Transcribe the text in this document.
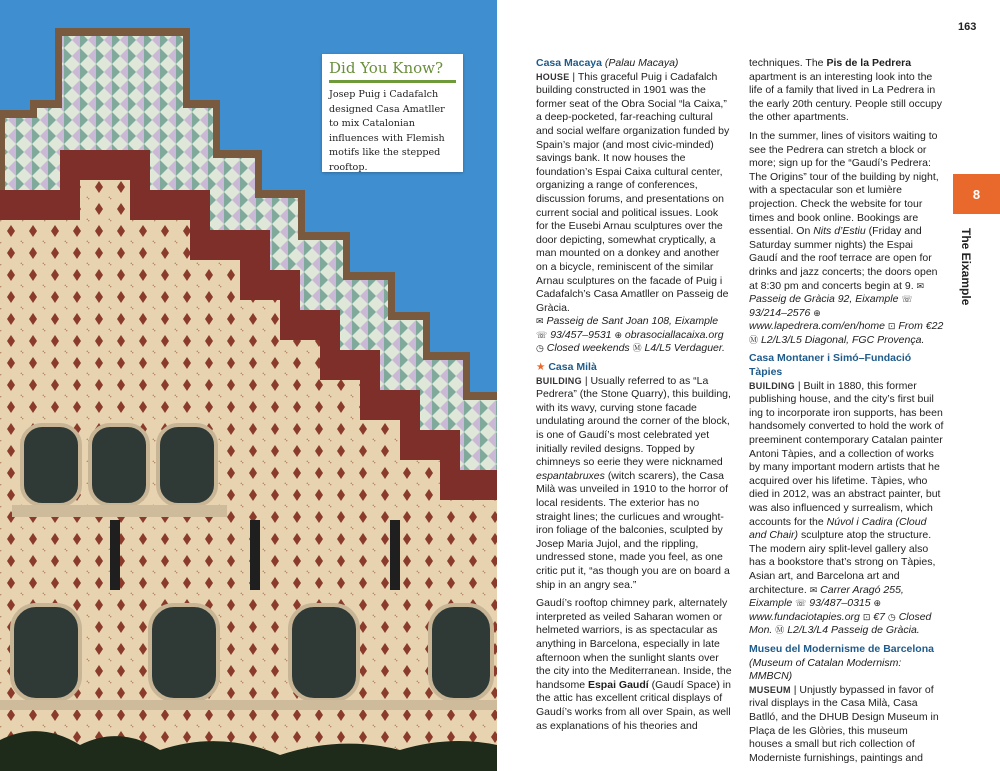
Did You Know?
Josep Puig i Cadafalch designed Casa Amatller to mix Catalonian influences with Flemish motifs like the stepped rooftop.
163
8
The Eixample

Casa Macaya (Palau Macaya)
HOUSE | This graceful Puig i Cadafalch building constructed in 1901 was the former seat of the Obra Social “la Caixa,” a deep-pocketed, far-reaching cultural and social welfare organization funded by Spain’s major (and most civic-minded) savings bank. It now houses the foundation’s Espai Caixa cultural center, organizing a range of conferences, discussion forums, and presentations on current social and political issues. Look for the Eusebi Arnau sculptures over the door depicting, somewhat cryptically, a man mounted on a donkey and another on a bicycle, reminiscent of the similar Arnau sculptures on the facade of Puig i Cadafalch’s Casa Amatller on Passeig de Gràcia.
✉ Passeig de Sant Joan 108, Eixample
☏ 93/457–9531 ⊕ obrasociallacaixa.org
◷ Closed weekends Ⓜ L4/L5 Verdaguer.

★ Casa Milà
BUILDING | Usually referred to as “La Pedrera” (the Stone Quarry), this building, with its wavy, curving stone facade undulating around the corner of the block, is one of Gaudí’s most celebrated yet initially reviled designs. Topped by chimneys so eerie they were nicknamed espantabruxes (witch scarers), the Casa Milà was unveiled in 1910 to the horror of local residents. The exterior has no straight lines; the curlicues and wrought-iron foliage of the balconies, sculpted by Josep Maria Jujol, and the rippling, undressed stone, made you feel, as one critic put it, “as though you are on board a ship in an angry sea.”

Gaudí’s rooftop chimney park, alternately interpreted as veiled Saharan women or helmeted warriors, is as spectacular as anything in Barcelona, especially in late afternoon when the sunlight slants over the city into the Mediterranean. Inside, the handsome Espai Gaudí (Gaudí Space) in the attic has excellent critical displays of Gaudí’s works from all over Spain, as well as explanations of his theories and

techniques. The Pis de la Pedrera apartment is an interesting look into the life of a family that lived in La Pedrera in the early 20th century. People still occupy the other apartments.

In the summer, lines of visitors waiting to see the Pedrera can stretch a block or more; sign up for the “Gaudí’s Pedrera: The Origins” tour of the building by night, with a spectacular son et lumière projection. Check the website for tour times and book online. Bookings are essential. On Nits d’Estiu (Friday and Saturday summer nights) the Espai Gaudí and the roof terrace are open for drinks and jazz concerts; the doors open at 8:30 pm and concerts begin at 9. ✉ Passeig de Gràcia 92, Eixample ☏ 93/214–2576 ⊕ www.lapedrera.com/en/home ⊡ From €22 Ⓜ L2/L3/L5 Diagonal, FGC Provença.

Casa Montaner i Simó–Fundació Tàpies
BUILDING | Built in 1880, this former publishing house, and the city’s first buil ing to incorporate iron supports, has been handsomely converted to hold the work of preeminent contemporary Catalan painter Antoni Tàpies, and a collection of works by many important modern artists that he acquired over his lifetime. Tàpies, who died in 2012, was an abstract painter, but was also influenced y surrealism, which accounts for the Núvol i Cadira (Cloud and Chair) sculpture atop the structure. The modern airy split-level gallery also has a bookstore that’s strong on Tàpies, Asian art, and Barcelona art and architecture. ✉ Carrer Aragó 255, Eixample ☏ 93/487–0315 ⊕ www.fundaciotapies.org ⊡ €7 ◷ Closed Mon. Ⓜ L2/L3/L4 Passeig de Gràcia.

Museu del Modernisme de Barcelona
(Museum of Catalan Modernism: MMBCN)
MUSEUM | Unjustly bypassed in favor of rival displays in the Casa Milà, Casa Batlló, and the DHUB Design Museum in Plaça de les Glòries, this museum houses a small but rich collection of Moderniste furnishings, paintings and
